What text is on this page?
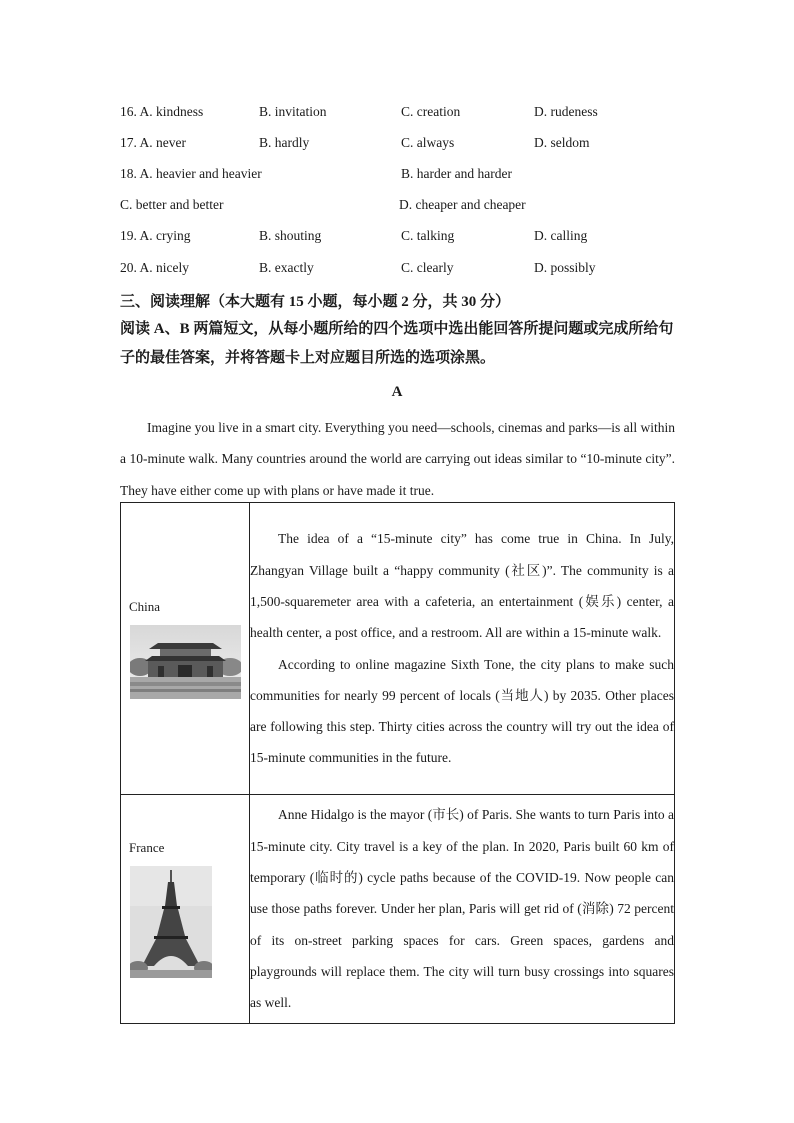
16. A. kindness	B. invitation	C. creation	D. rudeness
17. A. never	B. hardly	C. always	D. seldom
18. A. heavier and heavier	B. harder and harder
C. better and better	D. cheaper and cheaper
19. A. crying	B. shouting	C. talking	D. calling
20. A. nicely	B. exactly	C. clearly	D. possibly
三、阅读理解（本大题有 15 小题，每小题 2 分，共 30 分）
阅读 A、B 两篇短文，从每小题所给的四个选项中选出能回答所提问题或完成所给句子的最佳答案，并将答题卡上对应题目所选的选项涂黑。
A
Imagine you live in a smart city. Everything you need—schools, cinemas and parks—is all within a 10-minute walk. Many countries around the world are carrying out ideas similar to “10-minute city”. They have either come up with plans or have made it true.
China	The idea of a “15-minute city” has come true in China. In July, Zhangyan Village built a “happy community (社区)”. The community is a 1,500-squaremeter area with a cafeteria, an entertainment (娱乐) center, a health center, a post office, and a restroom. All are within a 15-minute walk.

According to online magazine Sixth Tone, the city plans to make such communities for nearly 99 percent of locals (当地人) by 2035. Other places are following this step. Thirty cities across the country will try out the idea of 15-minute communities in the future.

France	Anne Hidalgo is the mayor (市长) of Paris. She wants to turn Paris into a 15-minute city. City travel is a key of the plan. In 2020, Paris built 60 km of temporary (临时的) cycle paths because of the COVID-19. Now people can use those paths forever. Under her plan, Paris will get rid of (消除) 72 percent of its on-street parking spaces for cars. Green spaces, gardens and playgrounds will replace them. The city will turn busy crossings into squares as well.
